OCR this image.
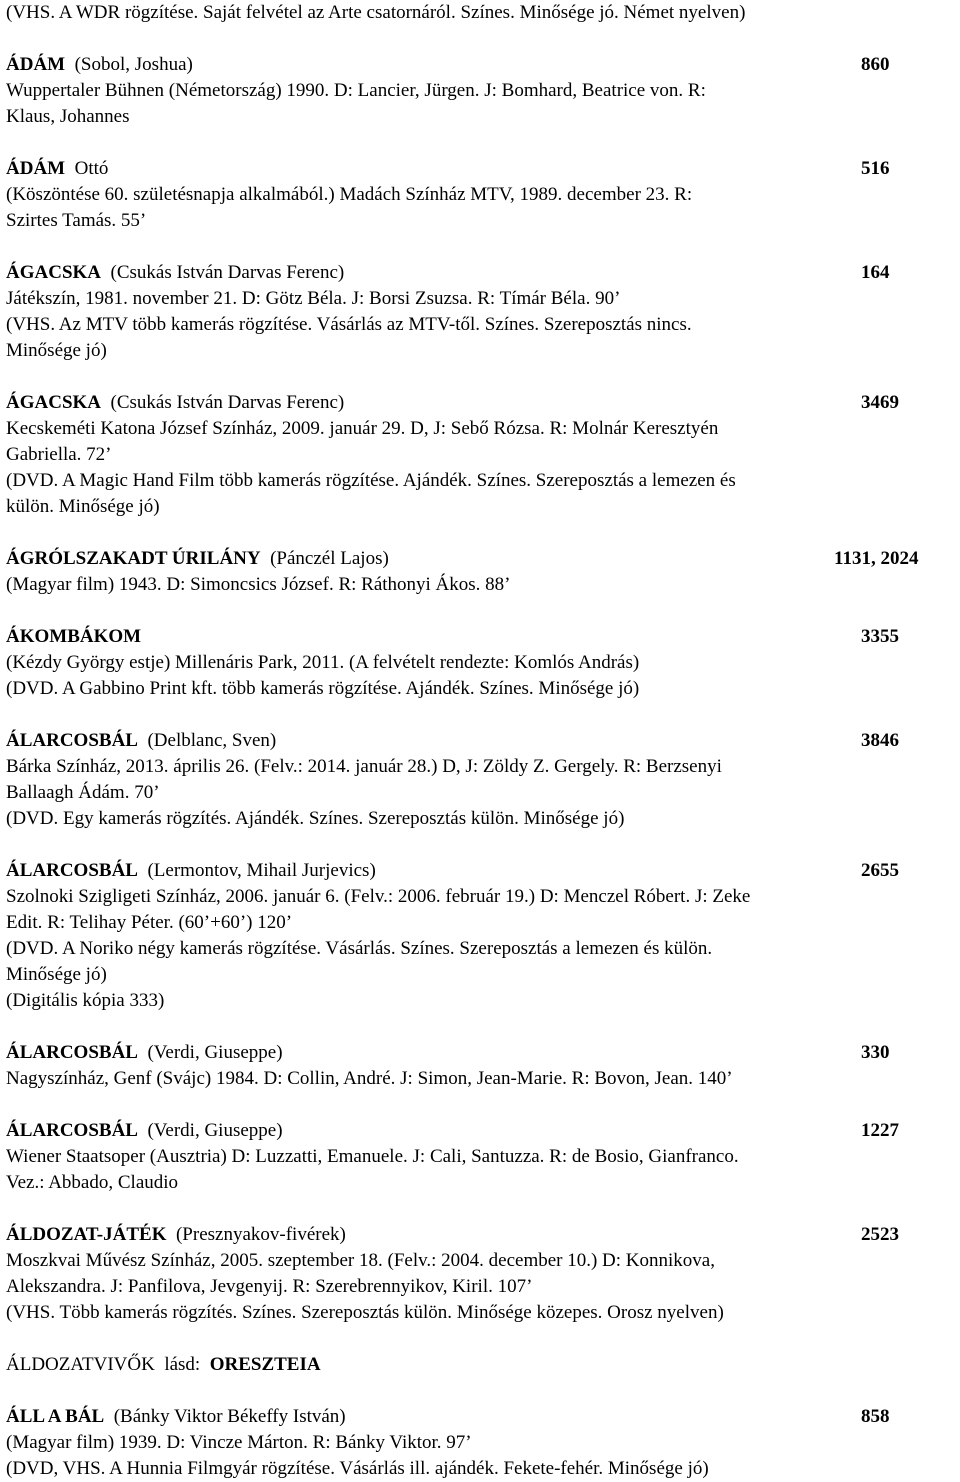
(VHS. A WDR rögzítése. Saját felvétel az Arte csatornáról. Színes. Minősége jó. Német nyelven)
ÁDÁM (Sobol, Joshua)	860
Wuppertaler Bühnen (Németország) 1990. D: Lancier, Jürgen. J: Bomhard, Beatrice von. R:
Klaus, Johannes
ÁDÁM Ottó	516
(Köszöntése 60. születésnapja alkalmából.) Madách Színház MTV, 1989. december 23. R:
Szirtes Tamás. 55’
ÁGACSKA (Csukás István Darvas Ferenc)	164
Játékszín, 1981. november 21. D: Götz Béla. J: Borsi Zsuzsa. R: Tímár Béla. 90’
(VHS. Az MTV több kamerás rögzítése. Vásárlás az MTV-től. Színes. Szereposztás nincs.
Minősége jó)
ÁGACSKA (Csukás István Darvas Ferenc)	3469
Kecskeméti Katona József Színház, 2009. január 29. D, J: Sebő Rózsa. R: Molnár Keresztyén
Gabriella. 72’
(DVD. A Magic Hand Film több kamerás rögzítése. Ajándék. Színes. Szereposztás a lemezen és
külön. Minősége jó)
ÁGRÓLSZAKADT ÚRILÁNY (Pánczél Lajos)	1131, 2024
(Magyar film) 1943. D: Simoncsics József. R: Ráthonyi Ákos. 88’
ÁKOMBÁKOM	3355
(Kézdy György estje) Millenáris Park, 2011. (A felvételt rendezte: Komlós András)
(DVD. A Gabbino Print kft. több kamerás rögzítése. Ajándék. Színes. Minősége jó)
ÁLARCOSBÁL (Delblanc, Sven)	3846
Bárka Színház, 2013. április 26. (Felv.: 2014. január 28.) D, J: Zöldy Z. Gergely. R: Berzsenyi
Ballaagh Ádám. 70’
(DVD. Egy kamerás rögzítés. Ajándék. Színes. Szereposztás külön. Minősége jó)
ÁLARCOSBÁL (Lermontov, Mihail Jurjevics)	2655
Szolnoki Szigligeti Színház, 2006. január 6. (Felv.: 2006. február 19.) D: Menczel Róbert. J: Zeke
Edit. R: Telihay Péter. (60’+60’) 120’
(DVD. A Noriko négy kamerás rögzítése. Vásárlás. Színes. Szereposztás a lemezen és külön.
Minősége jó)
(Digitális kópia 333)
ÁLARCOSBÁL (Verdi, Giuseppe)	330
Nagyszínház, Genf (Svájc) 1984. D: Collin, André. J: Simon, Jean-Marie. R: Bovon, Jean. 140’
ÁLARCOSBÁL (Verdi, Giuseppe)	1227
Wiener Staatsoper (Ausztria) D: Luzzatti, Emanuele. J: Cali, Santuzza. R: de Bosio, Gianfranco.
Vez.: Abbado, Claudio
ÁLDOZAT-JÁTÉK (Presznyakov-fivérek)	2523
Moszkvai Művész Színház, 2005. szeptember 18. (Felv.: 2004. december 10.) D: Konnikova,
Alekszandra. J: Panfilova, Jevgenyij. R: Szerebrennyikov, Kiril. 107’
(VHS. Több kamerás rögzítés. Színes. Szereposztás külön. Minősége közepes. Orosz nyelven)
ÁLDOZATVIVŐK lásd: ORESZTEIA
ÁLL A BÁL (Bánky Viktor Békeffy István)	858
(Magyar film) 1939. D: Vincze Márton. R: Bánky Viktor. 97’
(DVD, VHS. A Hunnia Filmgyár rögzítése. Vásárlás ill. ajándék. Fekete-fehér. Minősége jó)
